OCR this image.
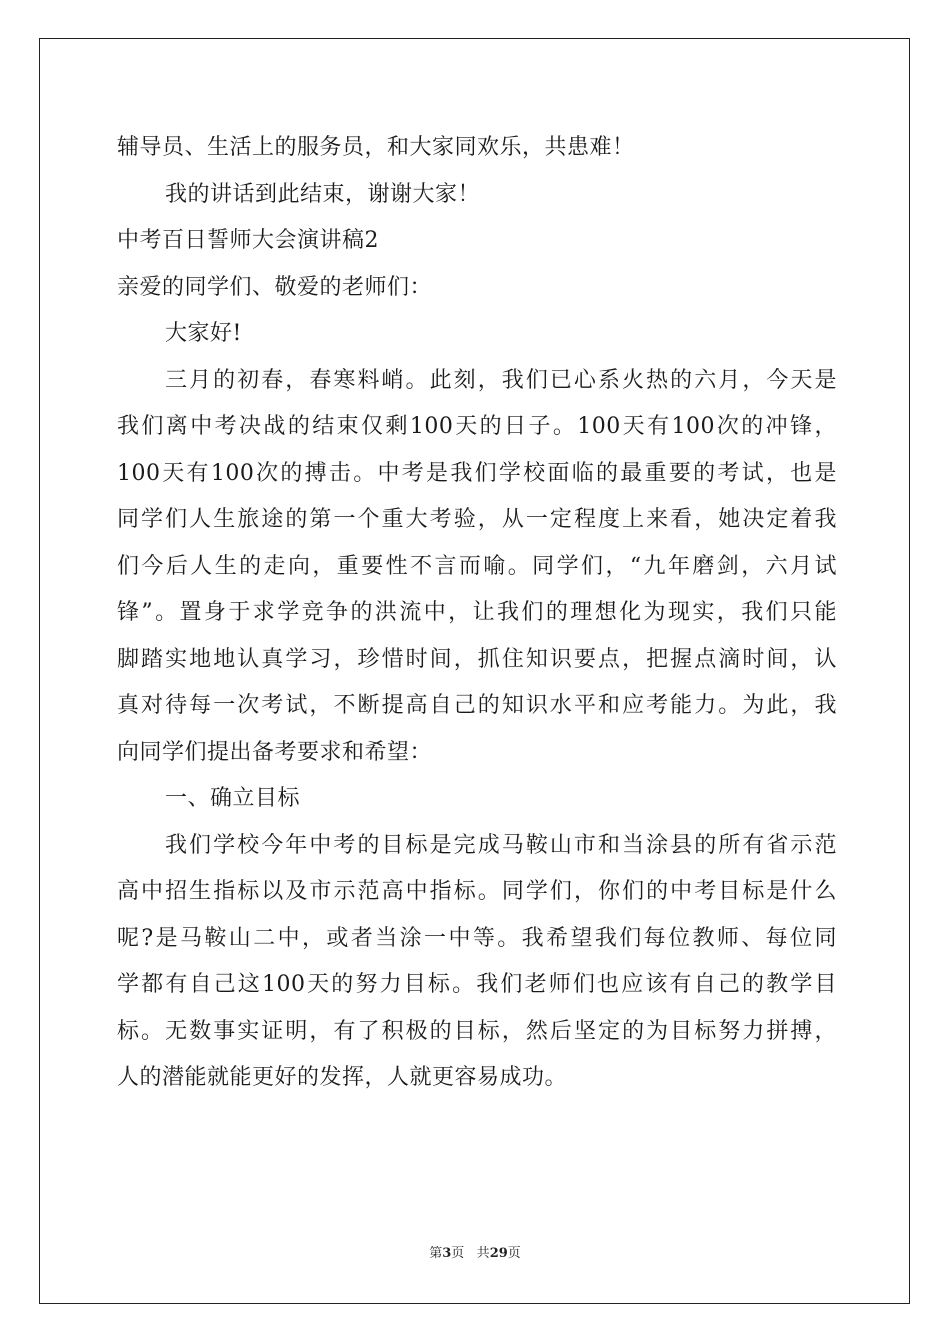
辅导员、生活上的服务员，和大家同欢乐，共患难！
我的讲话到此结束，谢谢大家！
中考百日誓师大会演讲稿2
亲爱的同学们、敬爱的老师们：
大家好!
三月的初春，春寒料峭。此刻，我们已心系火热的六月，今天是
我们离中考决战的结束仅剩100天的日子。100天有100次的冲锋，
100天有100次的搏击。中考是我们学校面临的最重要的考试，也是
同学们人生旅途的第一个重大考验，从一定程度上来看，她决定着我
们今后人生的走向，重要性不言而喻。同学们，“九年磨剑，六月试
锋”。置身于求学竞争的洪流中，让我们的理想化为现实，我们只能
脚踏实地地认真学习，珍惜时间，抓住知识要点，把握点滴时间，认
真对待每一次考试，不断提高自己的知识水平和应考能力。为此，我
向同学们提出备考要求和希望：
一、确立目标
我们学校今年中考的目标是完成马鞍山市和当涂县的所有省示范
高中招生指标以及市示范高中指标。同学们，你们的中考目标是什么
呢?是马鞍山二中，或者当涂一中等。我希望我们每位教师、每位同
学都有自己这100天的努力目标。我们老师们也应该有自己的教学目
标。无数事实证明，有了积极的目标，然后坚定的为目标努力拼搏，
人的潜能就能更好的发挥，人就更容易成功。
第3页 共29页
